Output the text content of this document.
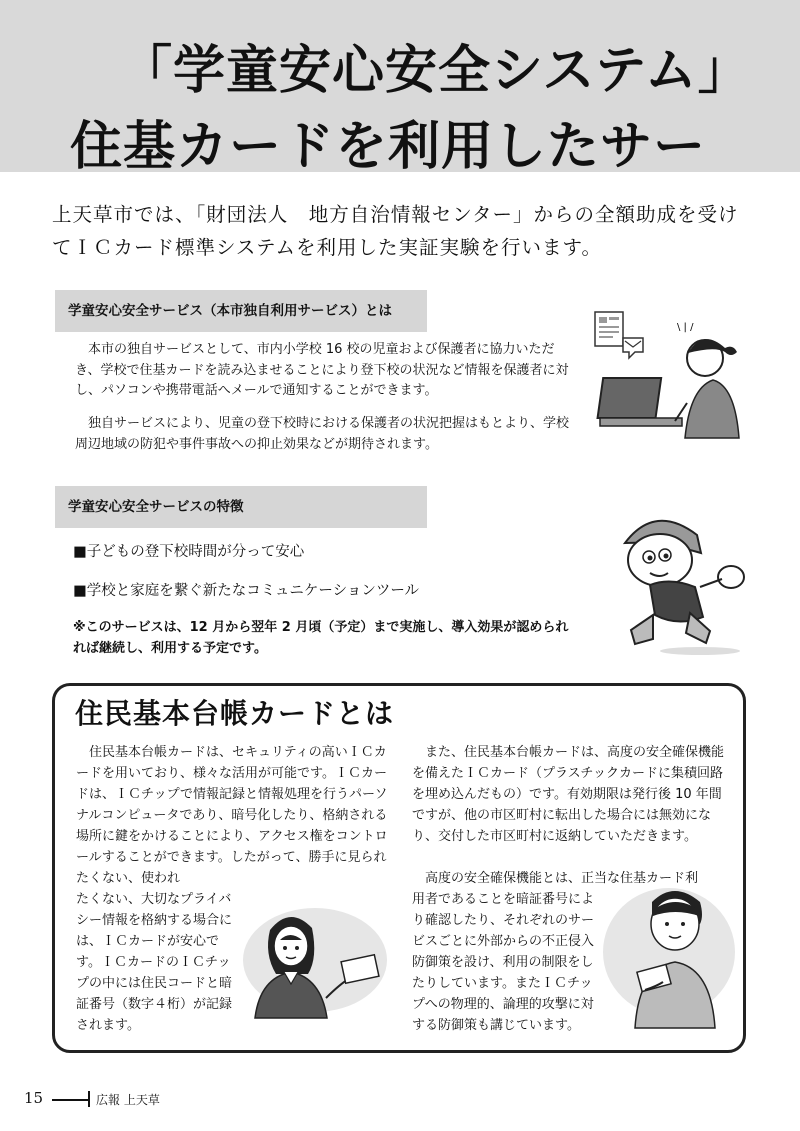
「学童安心安全システム」
住基カードを利用したサー
上天草市では、「財団法人　地方自治情報センター」からの全額助成を受けてＩＣカード標準システムを利用した実証実験を行います。
学童安心安全サービス（本市独自利用サービス）とは
本市の独自サービスとして、市内小学校 16 校の児童および保護者に協力いただき、学校で住基カードを読み込ませることにより登下校の状況など情報を保護者に対し、パソコンや携帯電話へメールで通知することができます。
独自サービスにより、児童の登下校時における保護者の状況把握はもとより、学校周辺地域の防犯や事件事故への抑止効果などが期待されます。
\ | /
学童安心安全サービスの特徴
■子どもの登下校時間が分って安心
■学校と家庭を繋ぐ新たなコミュニケーションツール
※このサービスは、12 月から翌年 2 月頃（予定）まで実施し、導入効果が認められれば継続し、利用する予定です。
住民基本台帳カードとは
住民基本台帳カードは、セキュリティの高いＩＣカードを用いており、様々な活用が可能です。ＩＣカードは、ＩＣチップで情報記録と情報処理を行うパーソナルコンピュータであり、暗号化したり、格納される場所に鍵をかけることにより、アクセス権をコントロールすることができます。したがって、勝手に見られたくない、使われ
たくない、大切なプライバシー情報を格納する場合には、ＩＣカードが安心です。ＩＣカードのＩＣチップの中には住民コードと暗証番号（数字４桁）が記録されます。
また、住民基本台帳カードは、高度の安全確保機能を備えたＩＣカード（プラスチックカードに集積回路を埋め込んだもの）です。有効期限は発行後 10 年間ですが、他の市区町村に転出した場合には無効になり、交付した市区町村に返納していただきます。
高度の安全確保機能とは、正当な住基カード利
用者であることを暗証番号により確認したり、それぞれのサービスごとに外部からの不正侵入防御策を設け、利用の制限をしたりしています。またＩＣチップへの物理的、論理的攻撃に対する防御策も講じています。
15	広報 上天草
